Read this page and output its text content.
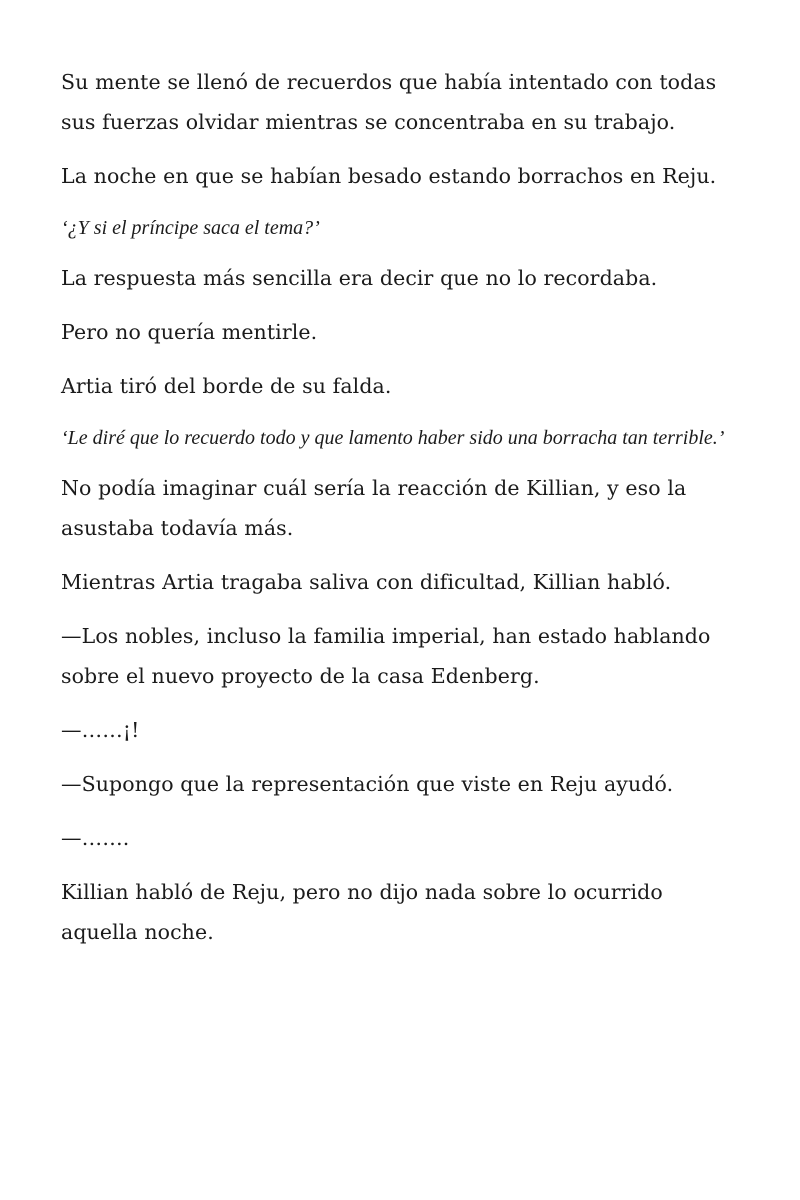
Su mente se llenó de recuerdos que había intentado con todas sus fuerzas olvidar mientras se concentraba en su trabajo.

La noche en que se habían besado estando borrachos en Reju.

‘¿Y si el príncipe saca el tema?’

La respuesta más sencilla era decir que no lo recordaba.

Pero no quería mentirle.

Artia tiró del borde de su falda.

‘Le diré que lo recuerdo todo y que lamento haber sido una borracha tan terrible.’

No podía imaginar cuál sería la reacción de Killian, y eso la asustaba todavía más.

Mientras Artia tragaba saliva con dificultad, Killian habló.

—Los nobles, incluso la familia imperial, han estado hablando sobre el nuevo proyecto de la casa Edenberg.

—……¡!

—Supongo que la representación que viste en Reju ayudó.

—…….

Killian habló de Reju, pero no dijo nada sobre lo ocurrido aquella noche.
